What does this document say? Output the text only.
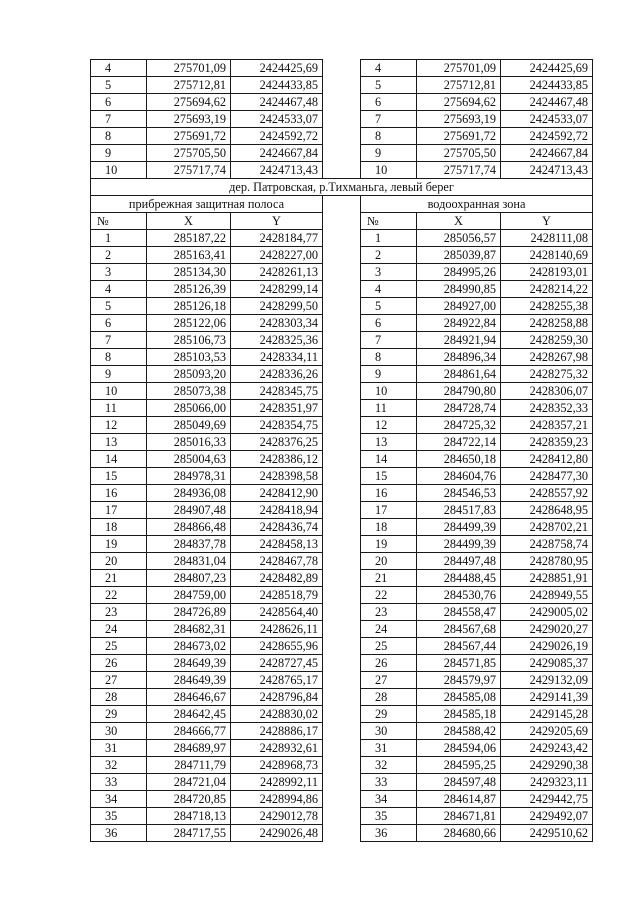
4	275701,09	2424425,69		4	275701,09	2424425,69
5	275712,81	2424433,85		5	275712,81	2424433,85
6	275694,62	2424467,48		6	275694,62	2424467,48
7	275693,19	2424533,07		7	275693,19	2424533,07
8	275691,72	2424592,72		8	275691,72	2424592,72
9	275705,50	2424667,84		9	275705,50	2424667,84
10	275717,74	2424713,43		10	275717,74	2424713,43
дер. Патровская, р.Тихманьга, левый берег						
прибрежная защитная полоса				водоохранная зона		
№	X	Y		№	X	Y
1	285187,22	2428184,77		1	285056,57	2428111,08
2	285163,41	2428227,00		2	285039,87	2428140,69
3	285134,30	2428261,13		3	284995,26	2428193,01
4	285126,39	2428299,14		4	284990,85	2428214,22
5	285126,18	2428299,50		5	284927,00	2428255,38
6	285122,06	2428303,34		6	284922,84	2428258,88
7	285106,73	2428325,36		7	284921,94	2428259,30
8	285103,53	2428334,11		8	284896,34	2428267,98
9	285093,20	2428336,26		9	284861,64	2428275,32
10	285073,38	2428345,75		10	284790,80	2428306,07
11	285066,00	2428351,97		11	284728,74	2428352,33
12	285049,69	2428354,75		12	284725,32	2428357,21
13	285016,33	2428376,25		13	284722,14	2428359,23
14	285004,63	2428386,12		14	284650,18	2428412,80
15	284978,31	2428398,58		15	284604,76	2428477,30
16	284936,08	2428412,90		16	284546,53	2428557,92
17	284907,48	2428418,94		17	284517,83	2428648,95
18	284866,48	2428436,74		18	284499,39	2428702,21
19	284837,78	2428458,13		19	284499,39	2428758,74
20	284831,04	2428467,78		20	284497,48	2428780,95
21	284807,23	2428482,89		21	284488,45	2428851,91
22	284759,00	2428518,79		22	284530,76	2428949,55
23	284726,89	2428564,40		23	284558,47	2429005,02
24	284682,31	2428626,11		24	284567,68	2429020,27
25	284673,02	2428655,96		25	284567,44	2429026,19
26	284649,39	2428727,45		26	284571,85	2429085,37
27	284649,39	2428765,17		27	284579,97	2429132,09
28	284646,67	2428796,84		28	284585,08	2429141,39
29	284642,45	2428830,02		29	284585,18	2429145,28
30	284666,77	2428886,17		30	284588,42	2429205,69
31	284689,97	2428932,61		31	284594,06	2429243,42
32	284711,79	2428968,73		32	284595,25	2429290,38
33	284721,04	2428992,11		33	284597,48	2429323,11
34	284720,85	2428994,86		34	284614,87	2429442,75
35	284718,13	2429012,78		35	284671,81	2429492,07
36	284717,55	2429026,48		36	284680,66	2429510,62
